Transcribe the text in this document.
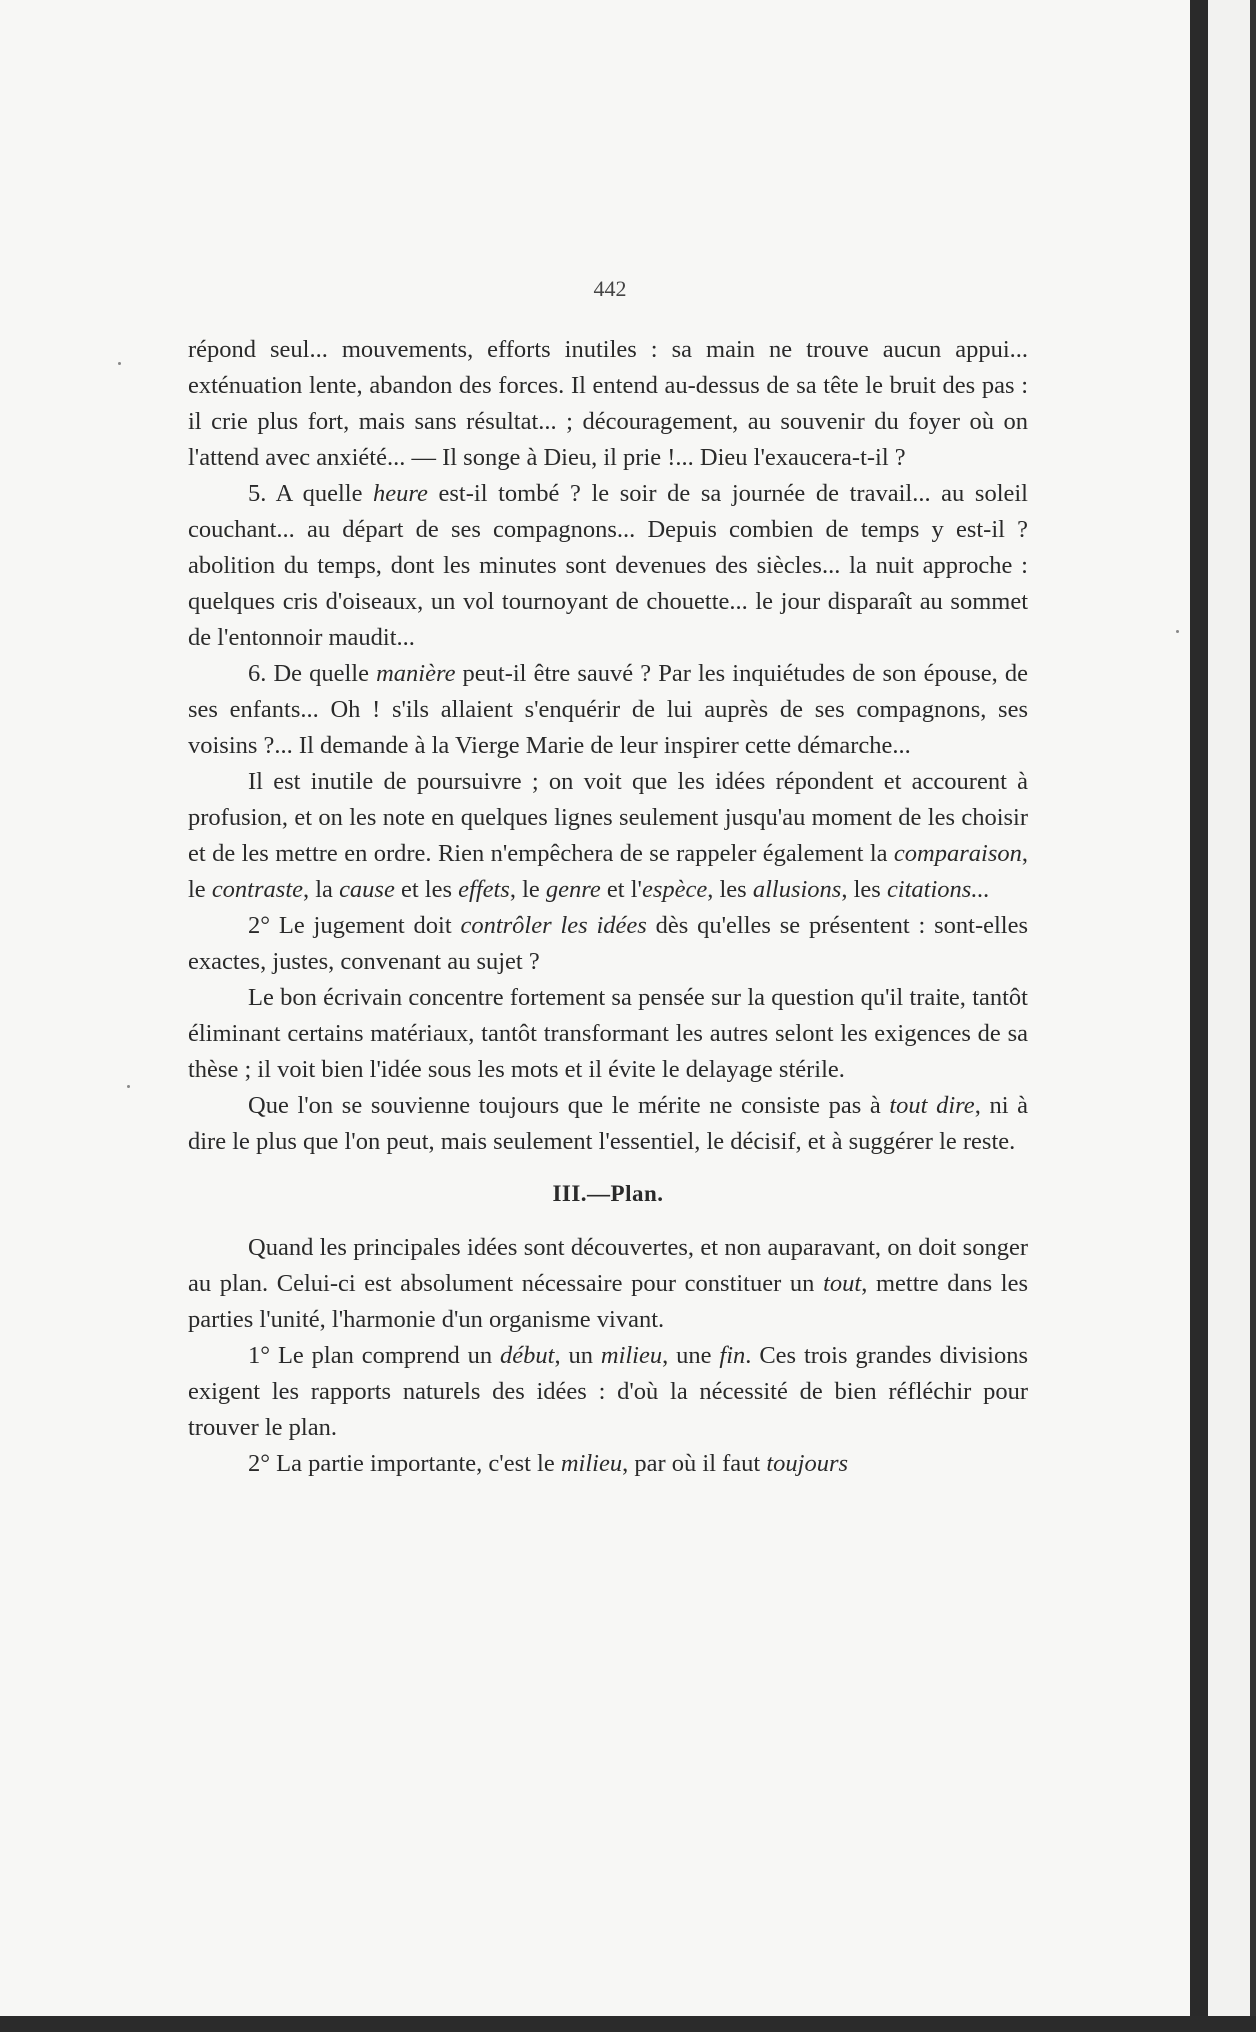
442

répond seul... mouvements, efforts inutiles : sa main ne trouve aucun appui... exténuation lente, abandon des forces. Il entend au-dessus de sa tête le bruit des pas : il crie plus fort, mais sans résultat... ; découragement, au souvenir du foyer où on l'attend avec anxiété... — Il songe à Dieu, il prie !... Dieu l'exaucera-t-il ?

5. A quelle heure est-il tombé ? le soir de sa journée de travail... au soleil couchant... au départ de ses compagnons... Depuis combien de temps y est-il ? abolition du temps, dont les minutes sont devenues des siècles... la nuit approche : quelques cris d'oiseaux, un vol tournoyant de chouette... le jour disparaît au sommet de l'entonnoir maudit...

6. De quelle manière peut-il être sauvé ? Par les inquiétudes de son épouse, de ses enfants... Oh ! s'ils allaient s'enquérir de lui auprès de ses compagnons, ses voisins ?... Il demande à la Vierge Marie de leur inspirer cette démarche...

Il est inutile de poursuivre ; on voit que les idées répondent et accourent à profusion, et on les note en quelques lignes seulement jusqu'au moment de les choisir et de les mettre en ordre. Rien n'empêchera de se rappeler également la comparaison, le contraste, la cause et les effets, le genre et l'espèce, les allusions, les citations...

2° Le jugement doit contrôler les idées dès qu'elles se présentent : sont-elles exactes, justes, convenant au sujet ?

Le bon écrivain concentre fortement sa pensée sur la question qu'il traite, tantôt éliminant certains matériaux, tantôt transformant les autres selont les exigences de sa thèse ; il voit bien l'idée sous les mots et il évite le delayage stérile.

Que l'on se souvienne toujours que le mérite ne consiste pas à tout dire, ni à dire le plus que l'on peut, mais seulement l'essentiel, le décisif, et à suggérer le reste.

III.—Plan.

Quand les principales idées sont découvertes, et non auparavant, on doit songer au plan. Celui-ci est absolument nécessaire pour constituer un tout, mettre dans les parties l'unité, l'harmonie d'un organisme vivant.

1° Le plan comprend un début, un milieu, une fin. Ces trois grandes divisions exigent les rapports naturels des idées : d'où la nécessité de bien réfléchir pour trouver le plan.

2° La partie importante, c'est le milieu, par où il faut toujours
